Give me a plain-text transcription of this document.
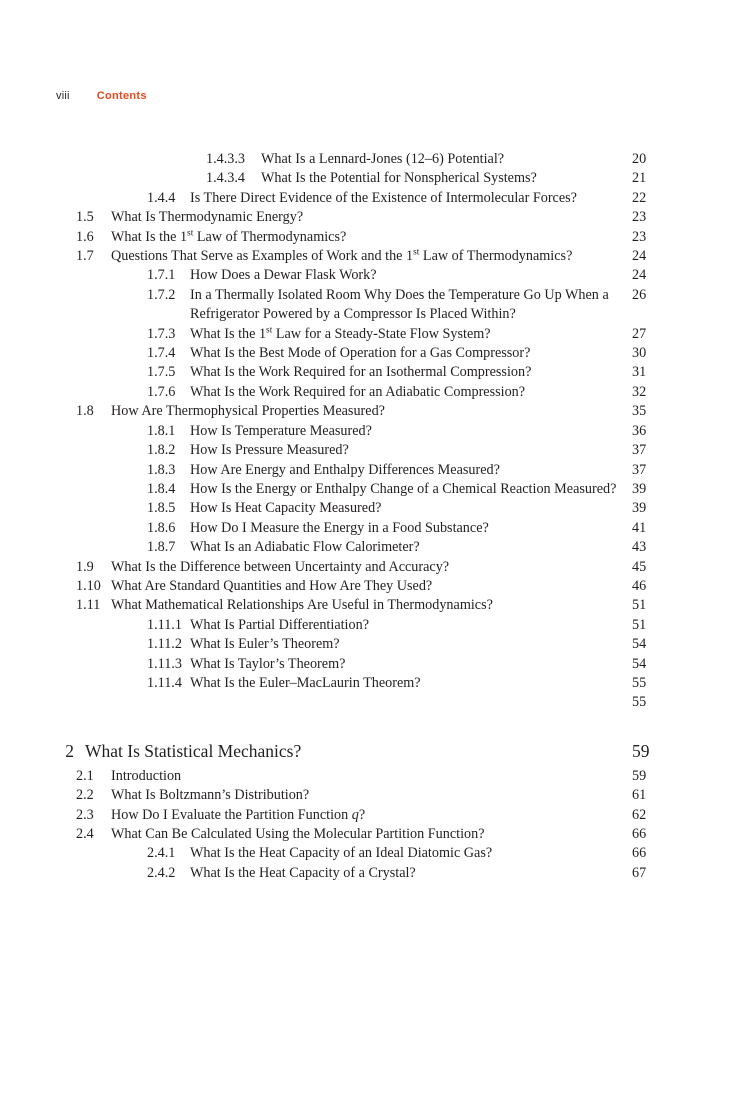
viii Contents
1.4.3.3	What Is a Lennard-Jones (12–6) Potential?	20
1.4.3.4	What Is the Potential for Nonspherical Systems?	21
1.4.4	Is There Direct Evidence of the Existence of Intermolecular Forces?	22
1.5	What Is Thermodynamic Energy?	23
1.6	What Is the 1st Law of Thermodynamics?	23
1.7	Questions That Serve as Examples of Work and the 1st Law of Thermodynamics?	24
1.7.1	How Does a Dewar Flask Work?	24
1.7.2	In a Thermally Isolated Room Why Does the Temperature Go Up When a Refrigerator Powered by a Compressor Is Placed Within?
26
1.7.3	What Is the 1st Law for a Steady-State Flow System?	27
1.7.4	What Is the Best Mode of Operation for a Gas Compressor?	30
1.7.5	What Is the Work Required for an Isothermal Compression?	31
1.7.6	What Is the Work Required for an Adiabatic Compression?	32
1.8	How Are Thermophysical Properties Measured?	35
1.8.1	How Is Temperature Measured?	36
1.8.2	How Is Pressure Measured?	37
1.8.3	How Are Energy and Enthalpy Differences Measured?	37
1.8.4	How Is the Energy or Enthalpy Change of a Chemical Reaction Measured?	39
1.8.5	How Is Heat Capacity Measured?	39
1.8.6	How Do I Measure the Energy in a Food Substance?	41
1.8.7	What Is an Adiabatic Flow Calorimeter?	43
1.9	What Is the Difference between Uncertainty and Accuracy?	45
1.10 What Are Standard Quantities and How Are They Used?	46
1.11 What Mathematical Relationships Are Useful in Thermodynamics?	51
1.11.1 What Is Partial Differentiation?	51
1.11.2 What Is Euler’s Theorem?	54
1.11.3 What Is Taylor’s Theorem?	54
1.11.4 What Is the Euler–MacLaurin Theorem?	55
55
2 What Is Statistical Mechanics?	59
2.1	Introduction	59
2.2	What Is Boltzmann’s Distribution?	61
2.3	How Do I Evaluate the Partition Function q?	62
2.4	What Can Be Calculated Using the Molecular Partition Function?	66
2.4.1	What Is the Heat Capacity of an Ideal Diatomic Gas?	66
2.4.2	What Is the Heat Capacity of a Crystal?	67
